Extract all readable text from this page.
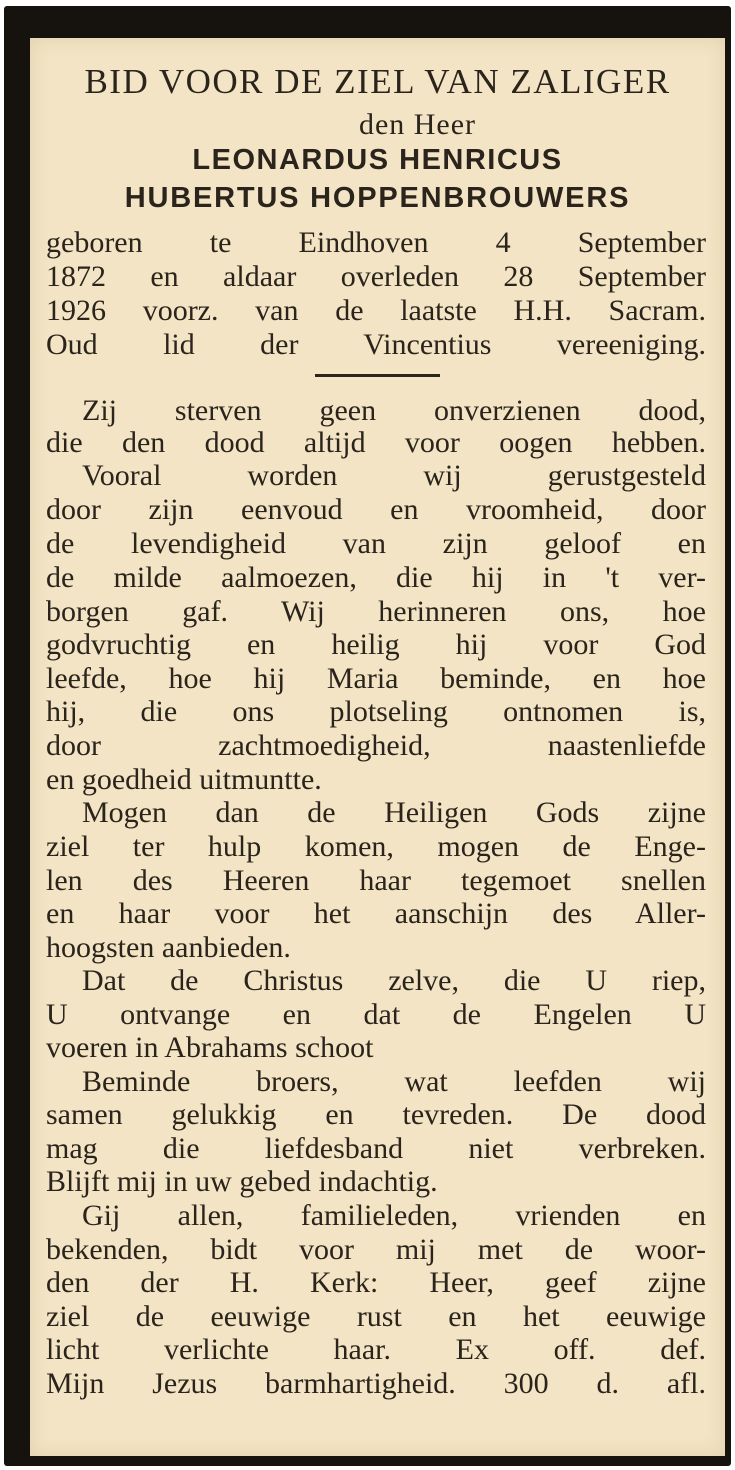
BID VOOR DE ZIEL VAN ZALIGER
den Heer
LEONARDUS HENRICUS
HUBERTUS HOPPENBROUWERS
geboren te Eindhoven 4 September
1872 en aldaar overleden 28 September
1926 voorz. van de laatste H.H. Sacram.
Oud lid der Vincentius vereeniging.
Zij sterven geen onverzienen dood,
die den dood altijd voor oogen hebben.
Vooral worden wij gerustgesteld
door zijn eenvoud en vroomheid, door
de levendigheid van zijn geloof en
de milde aalmoezen, die hij in 't ver-
borgen gaf. Wij herinneren ons, hoe
godvruchtig en heilig hij voor God
leefde, hoe hij Maria beminde, en hoe
hij, die ons plotseling ontnomen is,
door zachtmoedigheid, naastenliefde
en goedheid uitmuntte.
Mogen dan de Heiligen Gods zijne
ziel ter hulp komen, mogen de Enge-
len des Heeren haar tegemoet snellen
en haar voor het aanschijn des Aller-
hoogsten aanbieden.
Dat de Christus zelve, die U riep,
U ontvange en dat de Engelen U
voeren in Abrahams schoot
Beminde broers, wat leefden wij
samen gelukkig en tevreden. De dood
mag die liefdesband niet verbreken.
Blijft mij in uw gebed indachtig.
Gij allen, familieleden, vrienden en
bekenden, bidt voor mij met de woor-
den der H. Kerk: Heer, geef zijne
ziel de eeuwige rust en het eeuwige
licht verlichte haar. Ex off. def.
Mijn Jezus barmhartigheid. 300 d. afl.
